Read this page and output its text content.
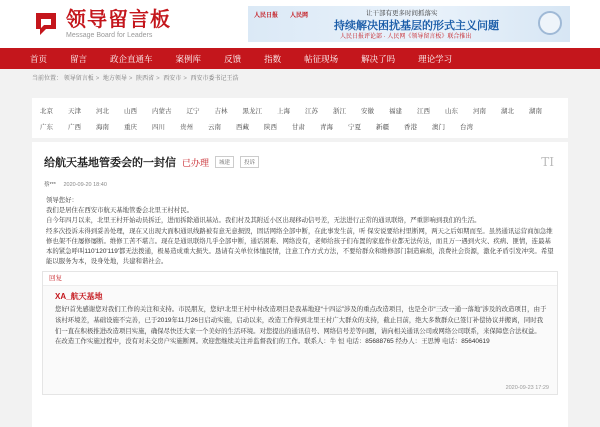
领导留言板
Message Board for Leaders
人民日报 人民网	让干部有更多时间抓落实
持续解决困扰基层的形式主义问题
人民日报评论部 · 人民网《领导留言板》联合推出
首页	留言	政企直通车	案例库	反馈	指数	帖征现场	解决了吗	理论学习
当前位置： 领导留言板 > 地方领导 > 陕西省 > 西安市 > 西安市委书记王浩
北京 天津 河北 山西 内蒙古 辽宁 吉林 黑龙江 上海 江苏 浙江 安徽 福建 江西 山东 河南 湖北 湖南
广东 广西 海南 重庆 四川 贵州 云南 西藏 陕西 甘肃 青海 宁夏 新疆 香港 澳门 台湾
给航天基地管委会的一封信 已办理	城建	投诉	TI
蔡*** 2020-09-20 18:40

领导您好：

我们是居住在西安市航天基地管委会北里王村村民。

自今年四月以来，北里王村开始动员拆迁，进而拆除通讯基站。我们村及其附近小区出现移动信号差，无法进行正常的通讯联络，严重影响到我们的生活。

经多次投诉未得到妥善处理，现在又出现大面积通讯线路被有意无意损毁，固话网络全部中断，在此事发生前，听 保安说要给村里断网，两天之后如期而至。虽然通讯运营商加急维修也架不住屡修屡断。维修工苦不堪言。现在是通讯联络几乎全部中断，通话困难、网络没有，老师给孩子们布置的家庭作业都无法传达，而且万一遇到火灾、疾病、匪情，连最基本的紧急呼叫110'120'119'都无法拨通，极易造成重大损失。恳请有关单位体恤民情，注意工作方式方法，不要给群众和维修部门制造麻烦，浪费社会资源，激化矛盾引发冲突。希望能以服务为本，设身处地，共建和谐社会。

回复
XA_航天基地

您好!首先感谢您对我们工作的关注和支持。市民朋友，您好!北里王村中村改造项目是我基地迎“十四运”涉及的重点改造项目，也是全市“三改一通一落地”涉及的改造项目，由于该村环境差，基础设施不完善，已于2019年11月26日启动实施，启动以来，改造工作得到北里王村广大群众的支持，截止目前，绝大多数群众已签订补偿协议并搬离，同时我们一直在积极推进改造项目实施，确保尽快还大家一个美好的生活环境。对您提出的通讯信号、网络信号差等问题，请向相关通讯公司或网络公司联系，来保障您合法权益。在改造工作实施过程中，没有对未交房户实施断网。欢迎您继续关注并监督我们的工作。联系人：牛 恒 电话：85688765 经办人：王思博 电话：85640619

2020-09-23 17:29
